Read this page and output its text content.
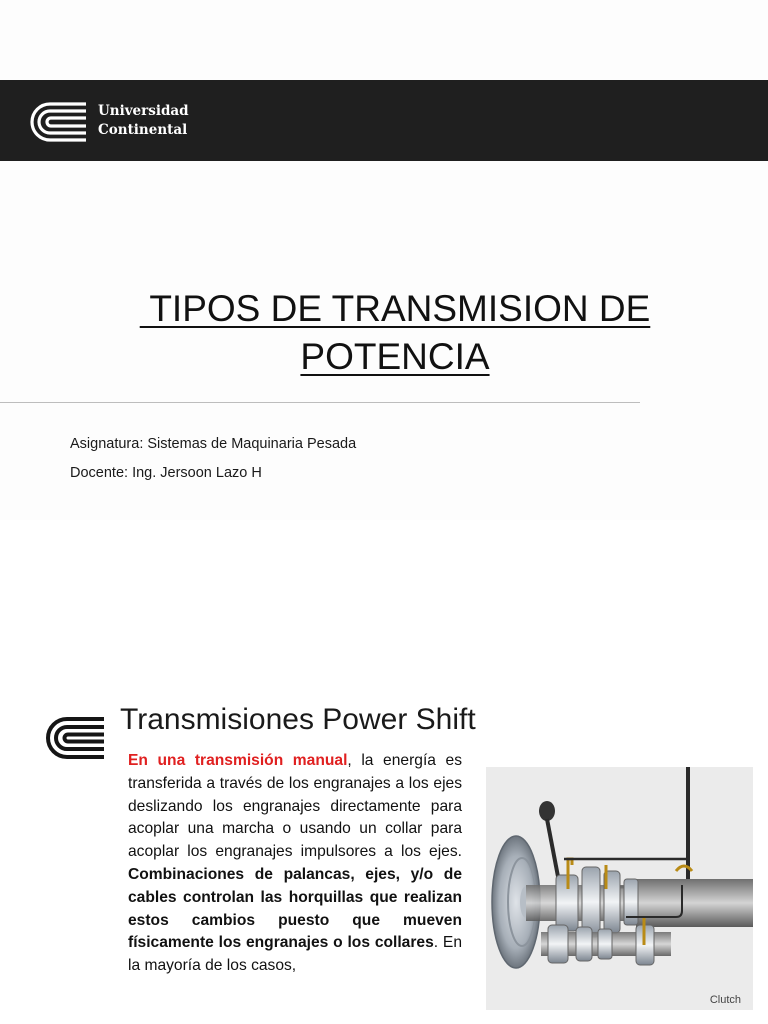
Universidad
Continental
TIPOS DE TRANSMISION DE
POTENCIA
Asignatura: Sistemas de Maquinaria Pesada
Docente: Ing. Jersoon Lazo H
Transmisiones Power Shift
En una transmisión manual, la energía es transferida a través de los engranajes a los ejes deslizando los engranajes directamente para acoplar una marcha o usando un collar para acoplar los engranajes impulsores a los ejes. Combinaciones de palancas, ejes, y/o de cables controlan las horquillas que realizan estos cambios puesto que mueven físicamente los engranajes o los collares. En la mayoría de los casos,
Clutch
